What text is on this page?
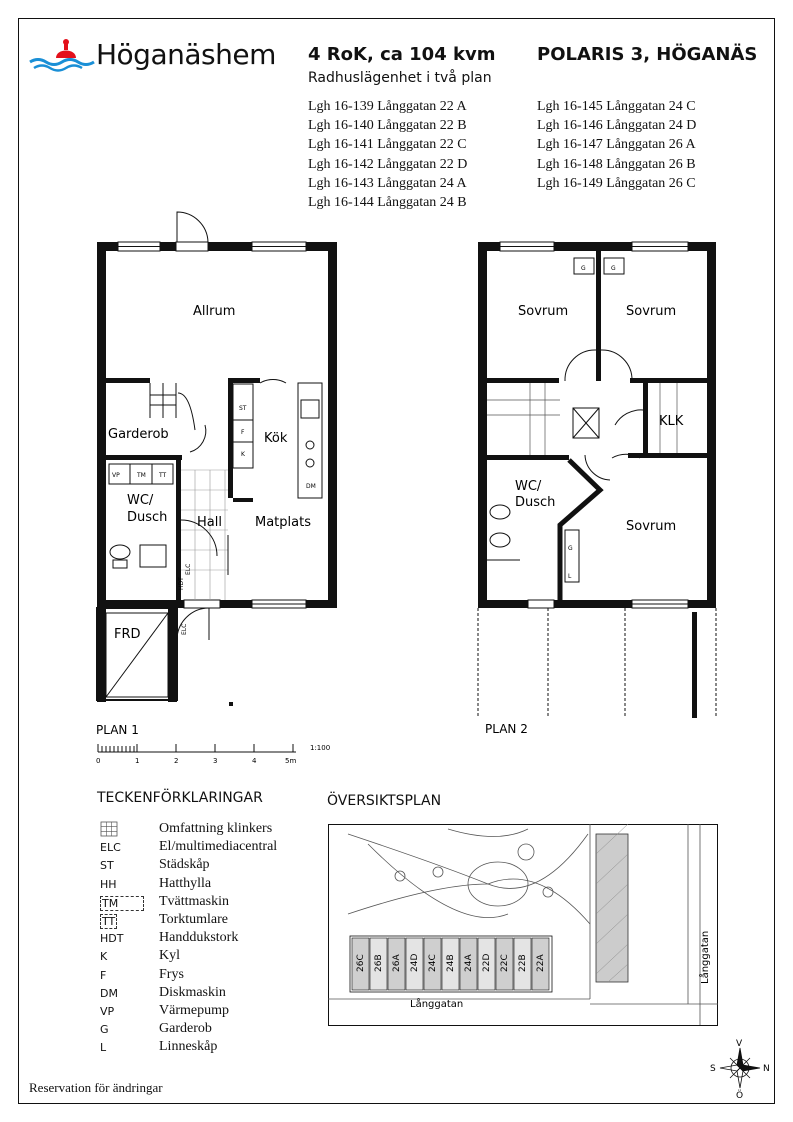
Höganäshem 4 RoK, ca 104 kvm
Radhuslägenhet i två plan
POLARIS 3, HÖGANÄS
Lgh 16-139 Långgatan 22 A
Lgh 16-140 Långgatan 22 B
Lgh 16-141 Långgatan 22 C
Lgh 16-142 Långgatan 22 D
Lgh 16-143 Långgatan 24 A
Lgh 16-144 Långgatan 24 B
Lgh 16-145 Långgatan 24 C
Lgh 16-146 Långgatan 24 D
Lgh 16-147 Långgatan 26 A
Lgh 16-148 Långgatan 26 B
Lgh 16-149 Långgatan 26 C
Allrum
Garderob	Kök
WC/
Dusch Hall	Matplats
FRD
ST
F
K
VP	TM TT
DM
ELC
HDT
ELC
PLAN 1
0	1	2	3	4	5m
1:100
Sovrum	Sovrum
Sovrum
KLK
WC/
Dusch
G	G
G
L
PLAN 2
TECKENFÖRKLARINGAR
Omfattning klinkers
ELC	El/multimediacentral
ST	Städskåp
HH	Hatthylla
TM	Tvättmaskin
TT	Torktumlare
HDT	Handdukstork
K	Kyl
F	Frys
DM	Diskmaskin
VP	Värmepump
G	Garderob
L	Linneskåp
ÖVERSIKTSPLAN
26C 26B 26A 24D 24C 24B 24A 22D 22C 22B 22A
Långgatan
Långgatan
V
N
S
Ö
Reservation för ändringar
